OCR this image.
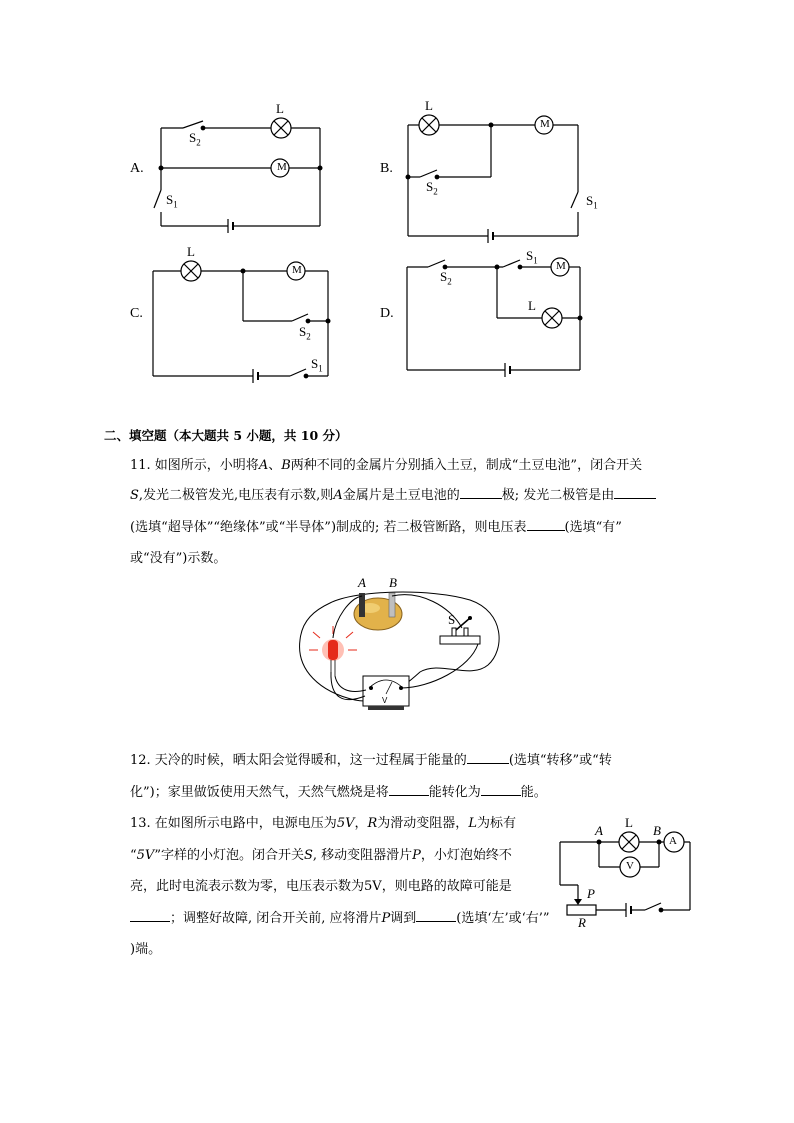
V
A.	B.
C.	D.
L
$S_2$
M
$S_1$
L
M
$S_2$
$S_1$
L
M
$S_2$
$S_1$
$S_2$
$S_1$ M
L
二、填空题（本大题共 5 小题，共 10 分）
11. 如图所示，小明将A、B两种不同的金属片分别插入土豆，制成“土豆电池”，闭合开关
S,发光二极管发光,电压表有示数,则A金属片是土豆电池的	极; 发光二极管是由
(选填“超导体”“绝缘体”或“半导体”)制成的; 若二极管断路，则电压表	(选填“有”
或“没有”)示数。
A B
S
12. 天冷的时候，晒太阳会觉得暖和，这一过程属于能量的	(选填“转移”或“转
化”)；家里做饭使用天然气，天然气燃烧是将	能转化为	能。
13. 在如图所示电路中，电源电压为5V，R为滑动变阻器，L为标有
“5V”字样的小灯泡。闭合开关S, 移动变阻器滑片P，小灯泡始终不
亮，此时电流表示数为零，电压表示数为5V，则电路的故障可能是
；调整好故障, 闭合开关前, 应将滑片P调到	(选填‘左’或‘右’”
)端。
A
L
B
A
V
P
R
